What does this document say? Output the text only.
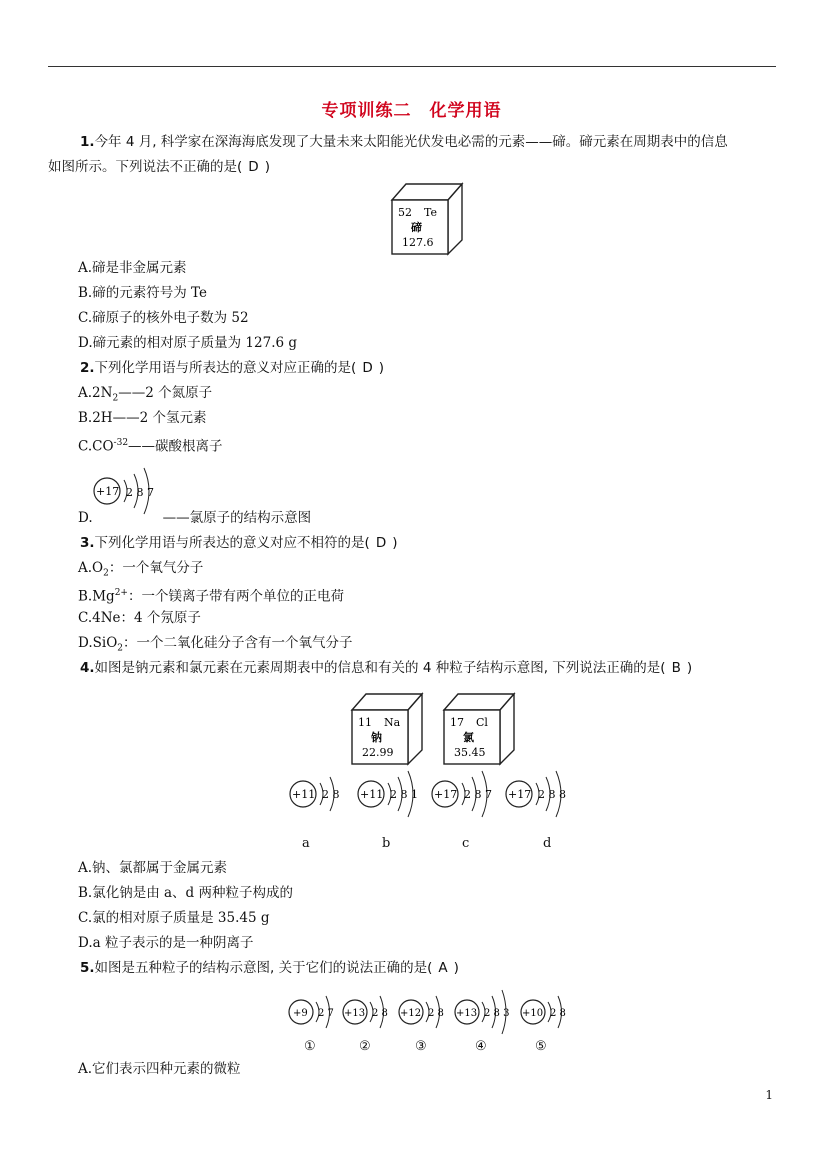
专项训练二　化学用语
1.今年 4 月, 科学家在深海海底发现了大量未来太阳能光伏发电必需的元素——碲。碲元素在周期表中的信息
如图所示。下列说法不正确的是( D )
52 Te
碲
127.6
A.碲是非金属元素
B.碲的元素符号为 Te
C.碲原子的核外电子数为 52
D.碲元素的相对原子质量为 127.6 g
2.下列化学用语与所表达的意义对应正确的是( D )
$A.2N_2——2$ 个氮原子
B.2H——2 个氢元素
$C.CO^{-32}——$碳酸根离子
+17 2 8 7
D.	——氯原子的结构示意图
3.下列化学用语与所表达的意义对应不相符的是( D )
$A.O_2$：一个氧气分子
$B.Mg^{2+}$：一个镁离子带有两个单位的正电荷
C.4Ne：4 个氖原子
D.SiO$_2$：一个二氧化硅分子含有一个氧气分子
4.如图是钠元素和氯元素在元素周期表中的信息和有关的 4 种粒子结构示意图, 下列说法正确的是( B )
11 Na
钠
22.99
17 Cl
氯
35.45
+11 2 8 +11 2 8 1 +17 2 8 7 +17 2 8 8
a	b	c	d
A.钠、氯都属于金属元素
B.氯化钠是由 a、d 两种粒子构成的
C.氯的相对原子质量是 35.45 g
D.a 粒子表示的是一种阴离子
5.如图是五种粒子的结构示意图, 关于它们的说法正确的是( A )
+9 2 7 +13 2 8 +12 2 8 +13 2 8 3 +10 2 8
①	②	③	④	⑤
A.它们表示四种元素的微粒
1
